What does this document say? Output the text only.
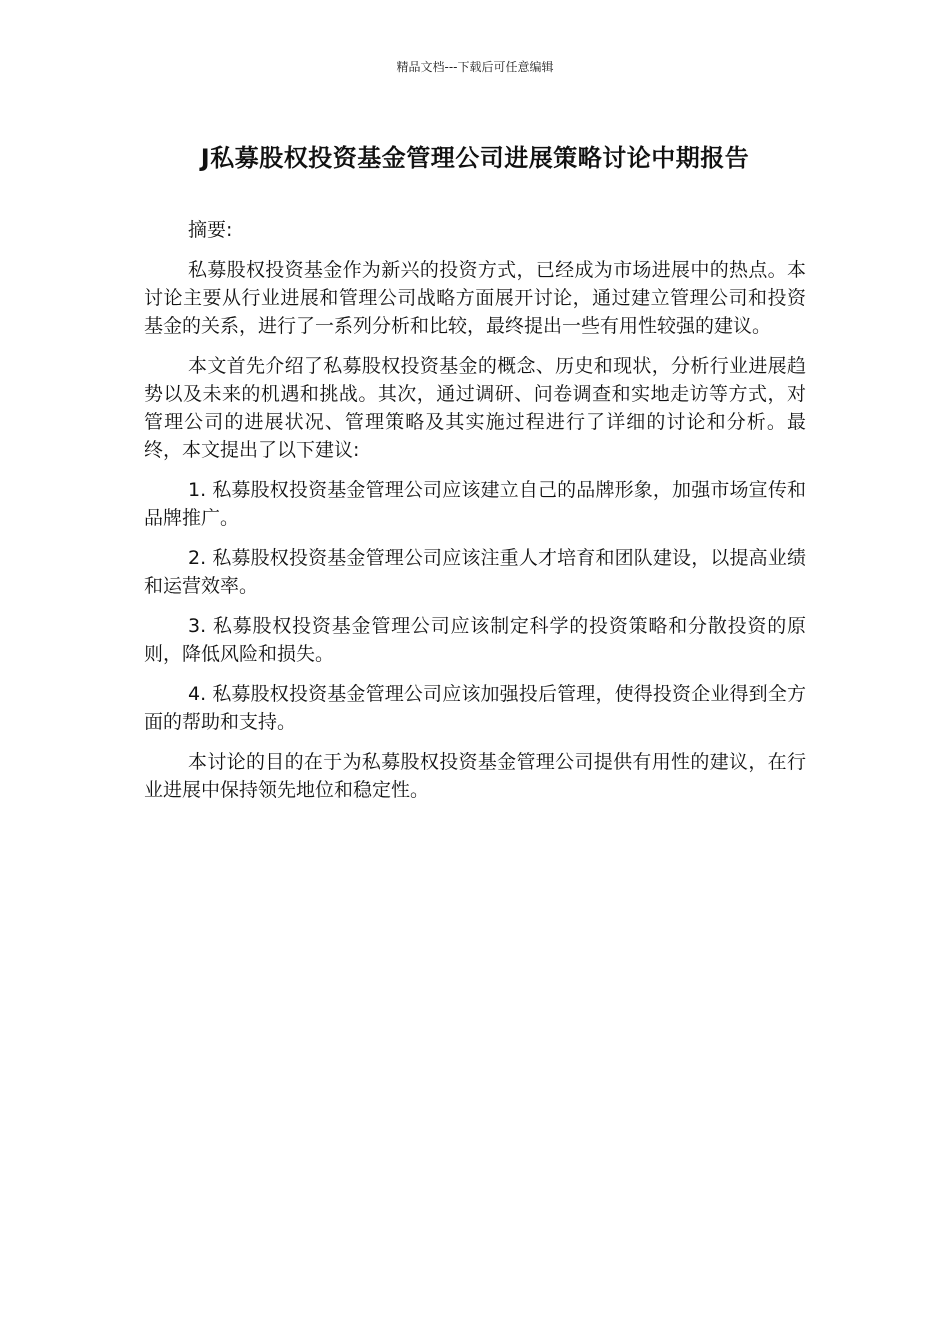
精品文档---下载后可任意编辑
J私募股权投资基金管理公司进展策略讨论中期报告

摘要:

私募股权投资基金作为新兴的投资方式，已经成为市场进展中的热点。本讨论主要从行业进展和管理公司战略方面展开讨论，通过建立管理公司和投资基金的关系，进行了一系列分析和比较，最终提出一些有用性较强的建议。

本文首先介绍了私募股权投资基金的概念、历史和现状，分析行业进展趋势以及未来的机遇和挑战。其次，通过调研、问卷调查和实地走访等方式，对管理公司的进展状况、管理策略及其实施过程进行了详细的讨论和分析。最终，本文提出了以下建议:

1. 私募股权投资基金管理公司应该建立自己的品牌形象，加强市场宣传和品牌推广。

2. 私募股权投资基金管理公司应该注重人才培育和团队建设，以提高业绩和运营效率。

3. 私募股权投资基金管理公司应该制定科学的投资策略和分散投资的原则，降低风险和损失。

4. 私募股权投资基金管理公司应该加强投后管理，使得投资企业得到全方面的帮助和支持。

本讨论的目的在于为私募股权投资基金管理公司提供有用性的建议，在行业进展中保持领先地位和稳定性。
